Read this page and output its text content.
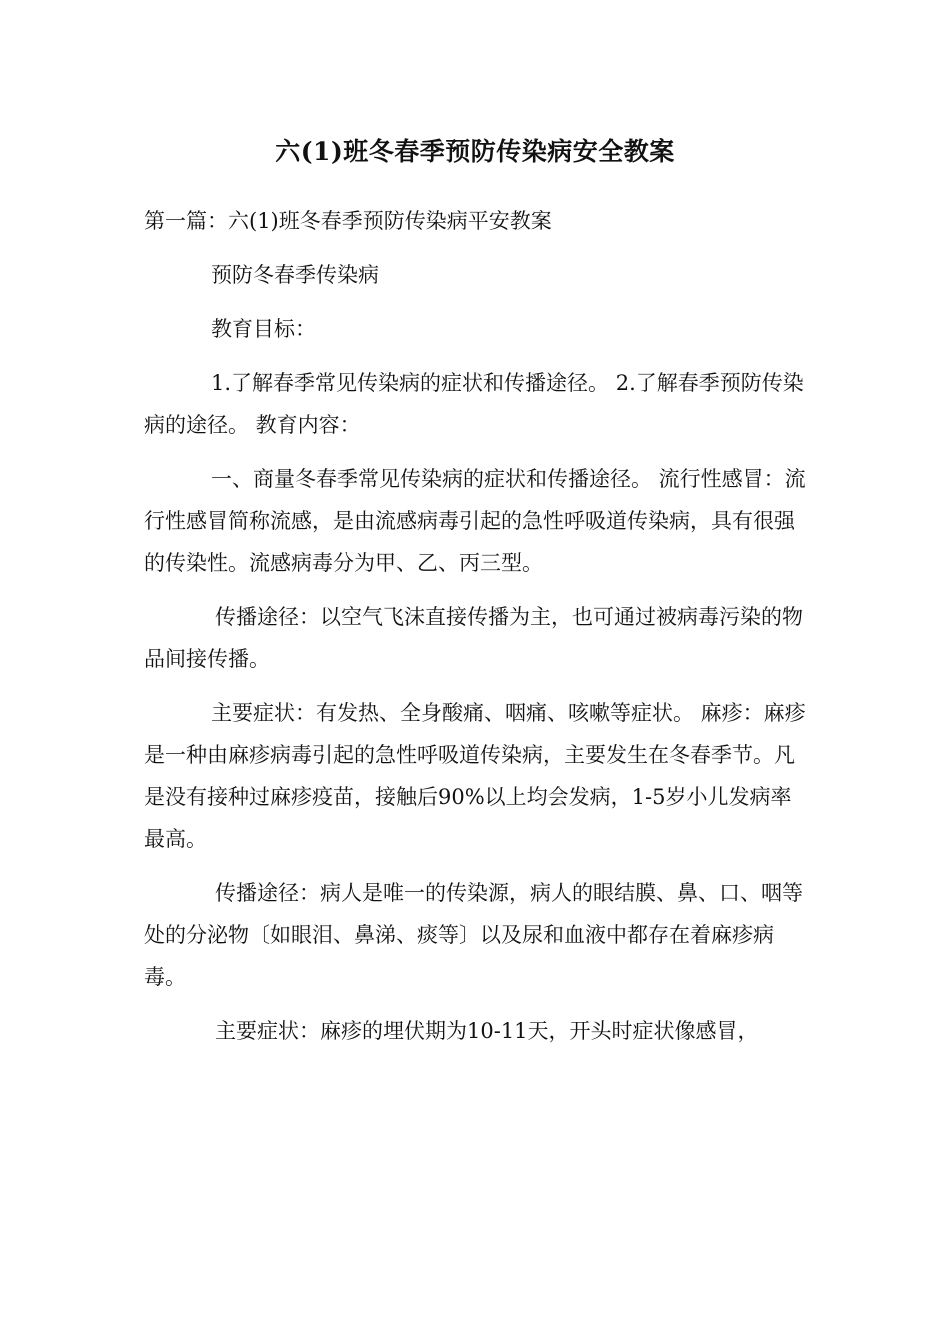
六(1)班冬春季预防传染病安全教案

第一篇：六(1)班冬春季预防传染病平安教案

预防冬春季传染病

教育目标：

1.了解春季常见传染病的症状和传播途径。 2.了解春季预防传染病的途径。 教育内容：

一、商量冬春季常见传染病的症状和传播途径。 流行性感冒：流行性感冒简称流感，是由流感病毒引起的急性呼吸道传染病，具有很强的传染性。流感病毒分为甲、乙、丙三型。

传播途径：以空气飞沫直接传播为主，也可通过被病毒污染的物品间接传播。

主要症状：有发热、全身酸痛、咽痛、咳嗽等症状。 麻疹：麻疹是一种由麻疹病毒引起的急性呼吸道传染病，主要发生在冬春季节。凡是没有接种过麻疹疫苗，接触后90%以上均会发病，1-5岁小儿发病率最高。

传播途径：病人是唯一的传染源，病人的眼结膜、鼻、口、咽等处的分泌物〔如眼泪、鼻涕、痰等〕以及尿和血液中都存在着麻疹病毒。

主要症状：麻疹的埋伏期为10-11天，开头时症状像感冒，
